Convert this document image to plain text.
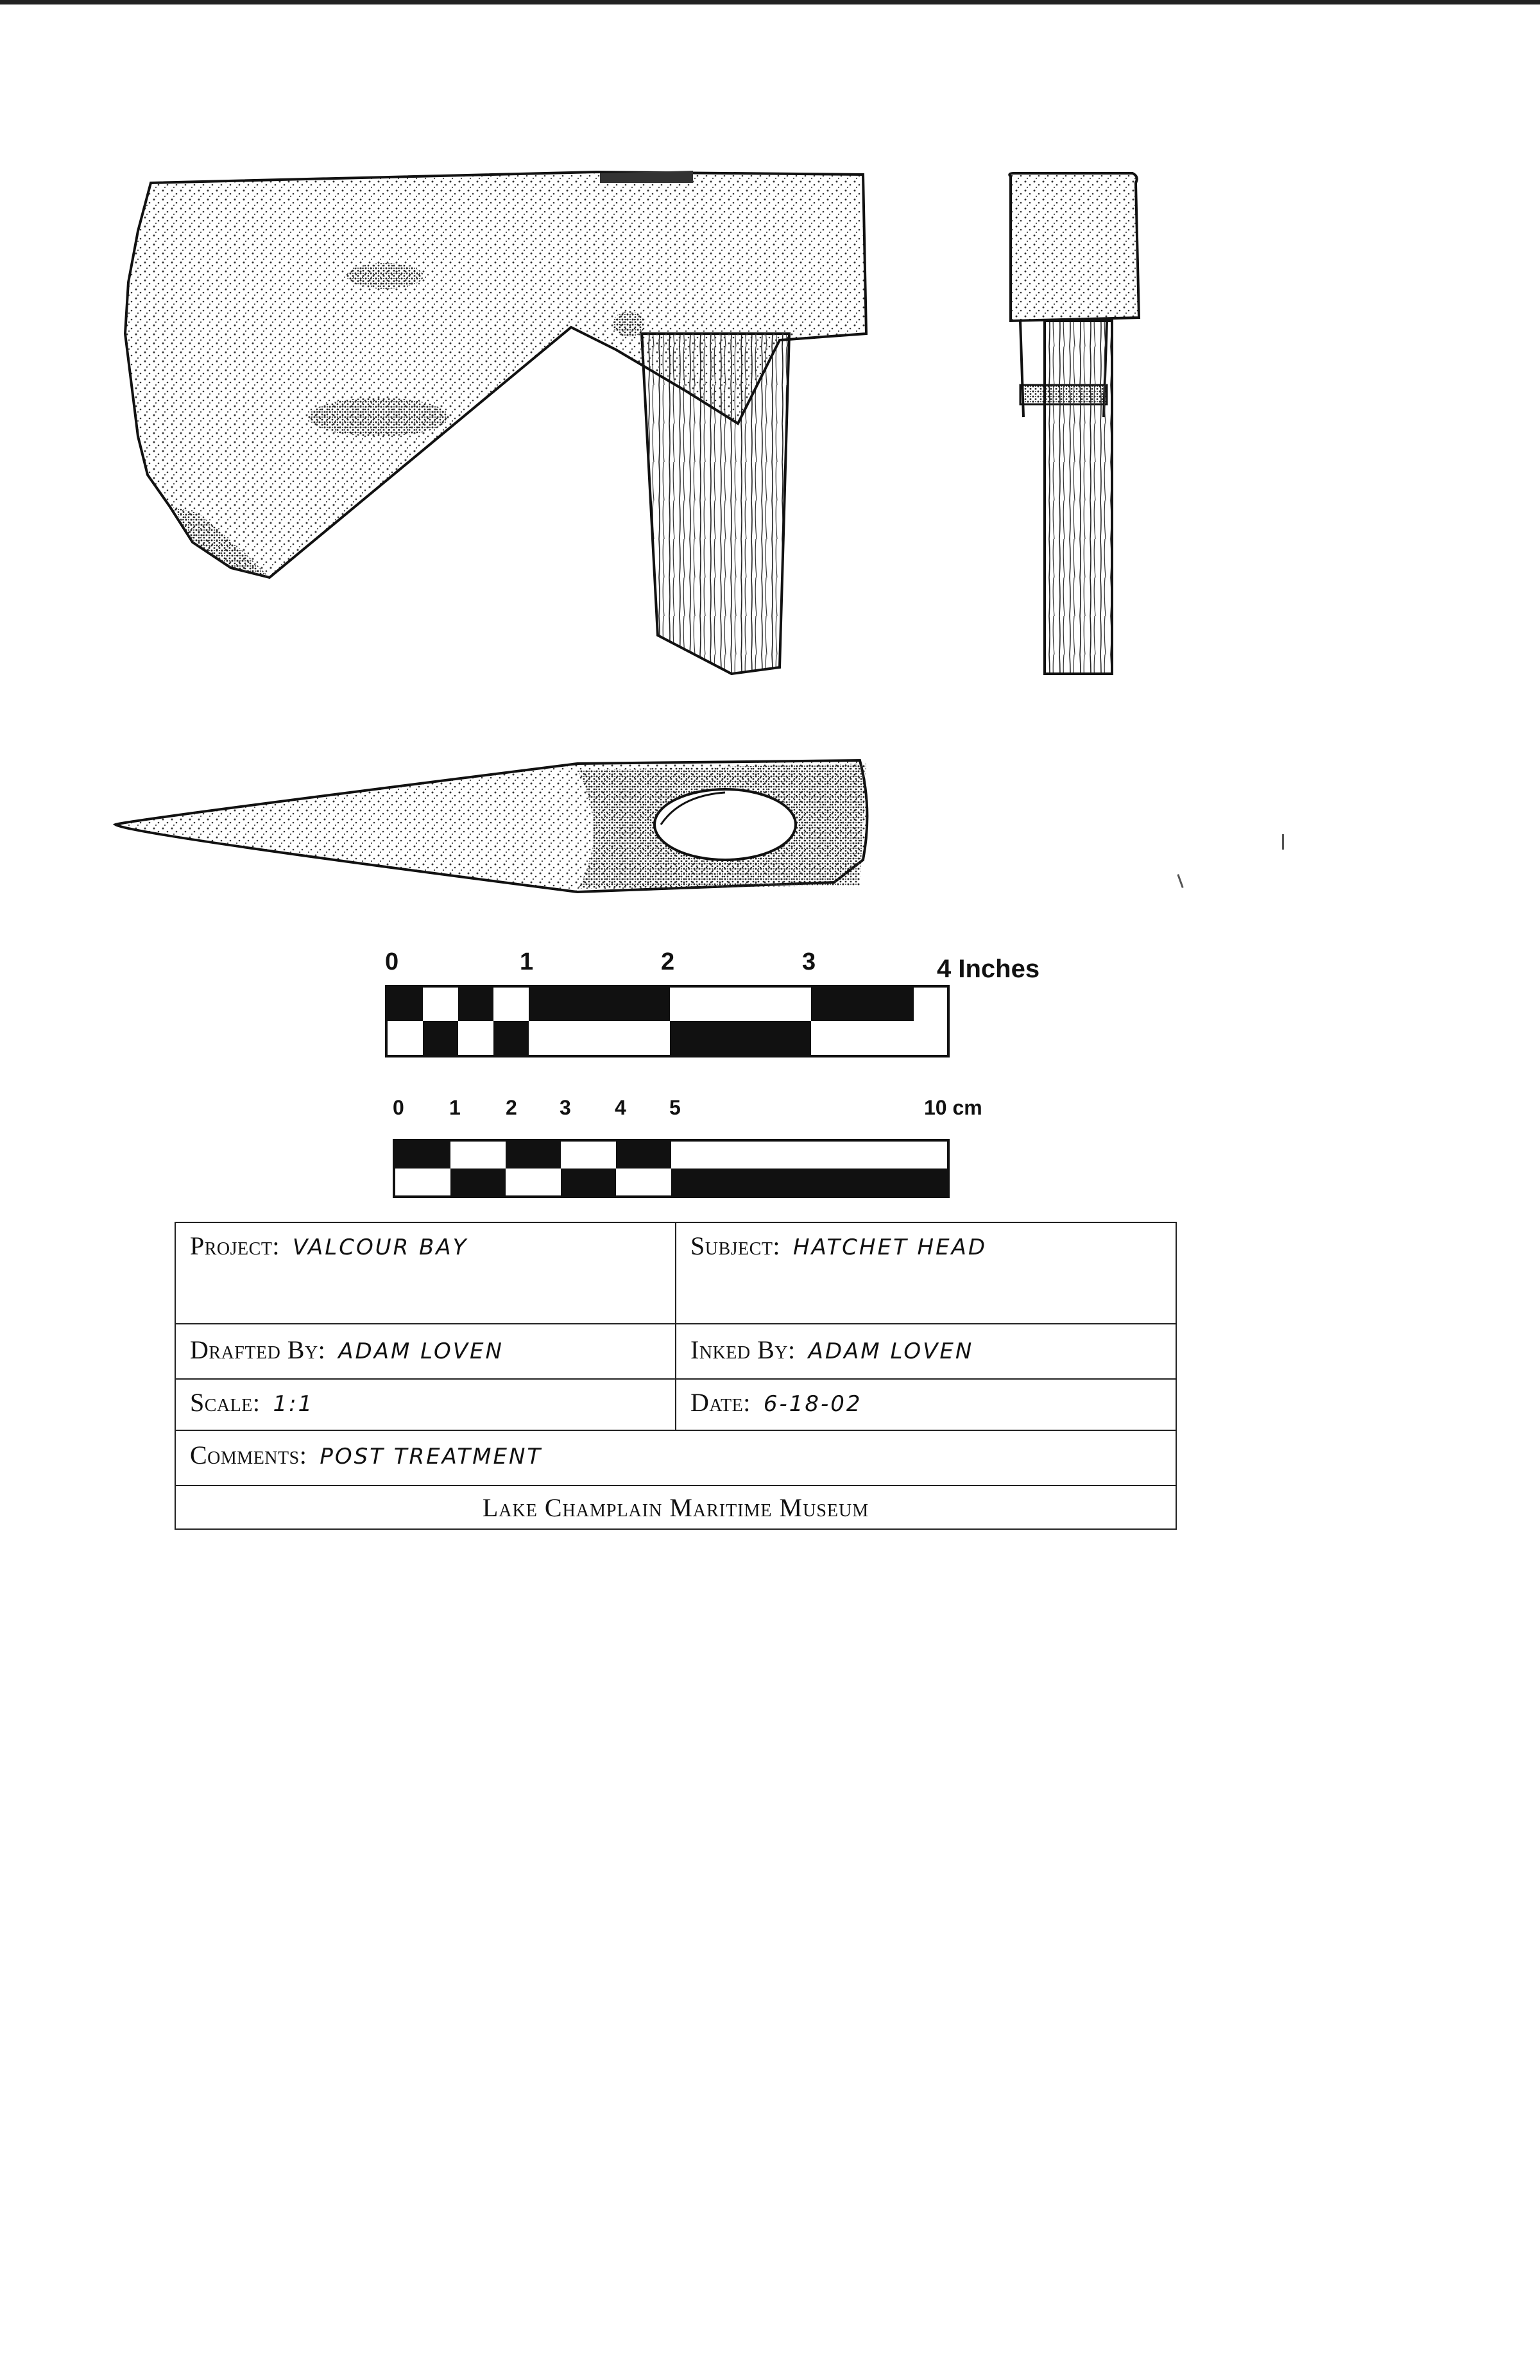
0	1	2	3	4 Inches
0 1 2 3 4 5	10 cm
Project: VALCOUR BAY	Subject: HATCHET HEAD
Drafted By: ADAM LOVEN	Inked By: ADAM LOVEN
Scale: 1:1	Date: 6-18-02
Comments: POST TREATMENT	
Lake Champlain Maritime Museum	
